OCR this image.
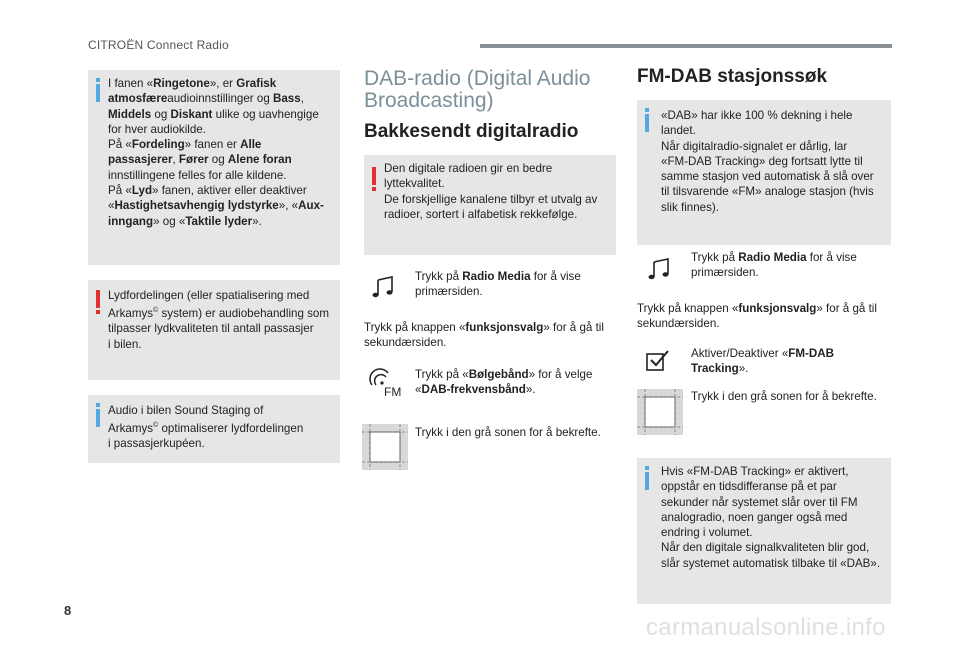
CITROËN Connect Radio
I fanen «Ringetone», er Grafisk
atmosfæreaudioinnstillinger og Bass,
Middels og Diskant ulike og uavhengige
for hver audiokilde.
På «Fordeling» fanen er Alle
passasjerer, Fører og Alene foran
innstillingene felles for alle kildene.
På «Lyd» fanen, aktiver eller deaktiver
«Hastighetsavhengig lydstyrke», «Aux-
inngang» og «Taktile lyder».
Lydfordelingen (eller spatialisering med
Arkamys© system) er audiobehandling som
tilpasser lydkvaliteten til antall passasjer
i bilen.
Audio i bilen Sound Staging of
Arkamys© optimaliserer lydfordelingen
i passasjerkupéen.
DAB-radio (Digital Audio
Broadcasting)
Bakkesendt digitalradio
Den digitale radioen gir en bedre
lyttekvalitet.
De forskjellige kanalene tilbyr et utvalg av
radioer, sortert i alfabetisk rekkefølge.
Trykk på Radio Media for å vise
primærsiden.
Trykk på knappen «funksjonsvalg» for å gå til
sekundærsiden.
FM
Trykk på «Bølgebånd» for å velge
«DAB-frekvensbånd».
Trykk i den grå sonen for å bekrefte.
FM-DAB stasjonssøk
«DAB» har ikke 100 % dekning i hele
landet.
Når digitalradio-signalet er dårlig, lar
«FM-DAB Tracking» deg fortsatt lytte til
samme stasjon ved automatisk å slå over
til tilsvarende «FM» analoge stasjon (hvis
slik finnes).
Trykk på Radio Media for å vise
primærsiden.
Trykk på knappen «funksjonsvalg» for å gå til
sekundærsiden.
Aktiver/Deaktiver «FM-DAB
Tracking».
Trykk i den grå sonen for å bekrefte.
Hvis «FM-DAB Tracking» er aktivert,
oppstår en tidsdifferanse på et par
sekunder når systemet slår over til FM
analogradio, noen ganger også med
endring i volumet.
Når den digitale signalkvaliteten blir god,
slår systemet automatisk tilbake til «DAB».
8
carmanualsonline.info
